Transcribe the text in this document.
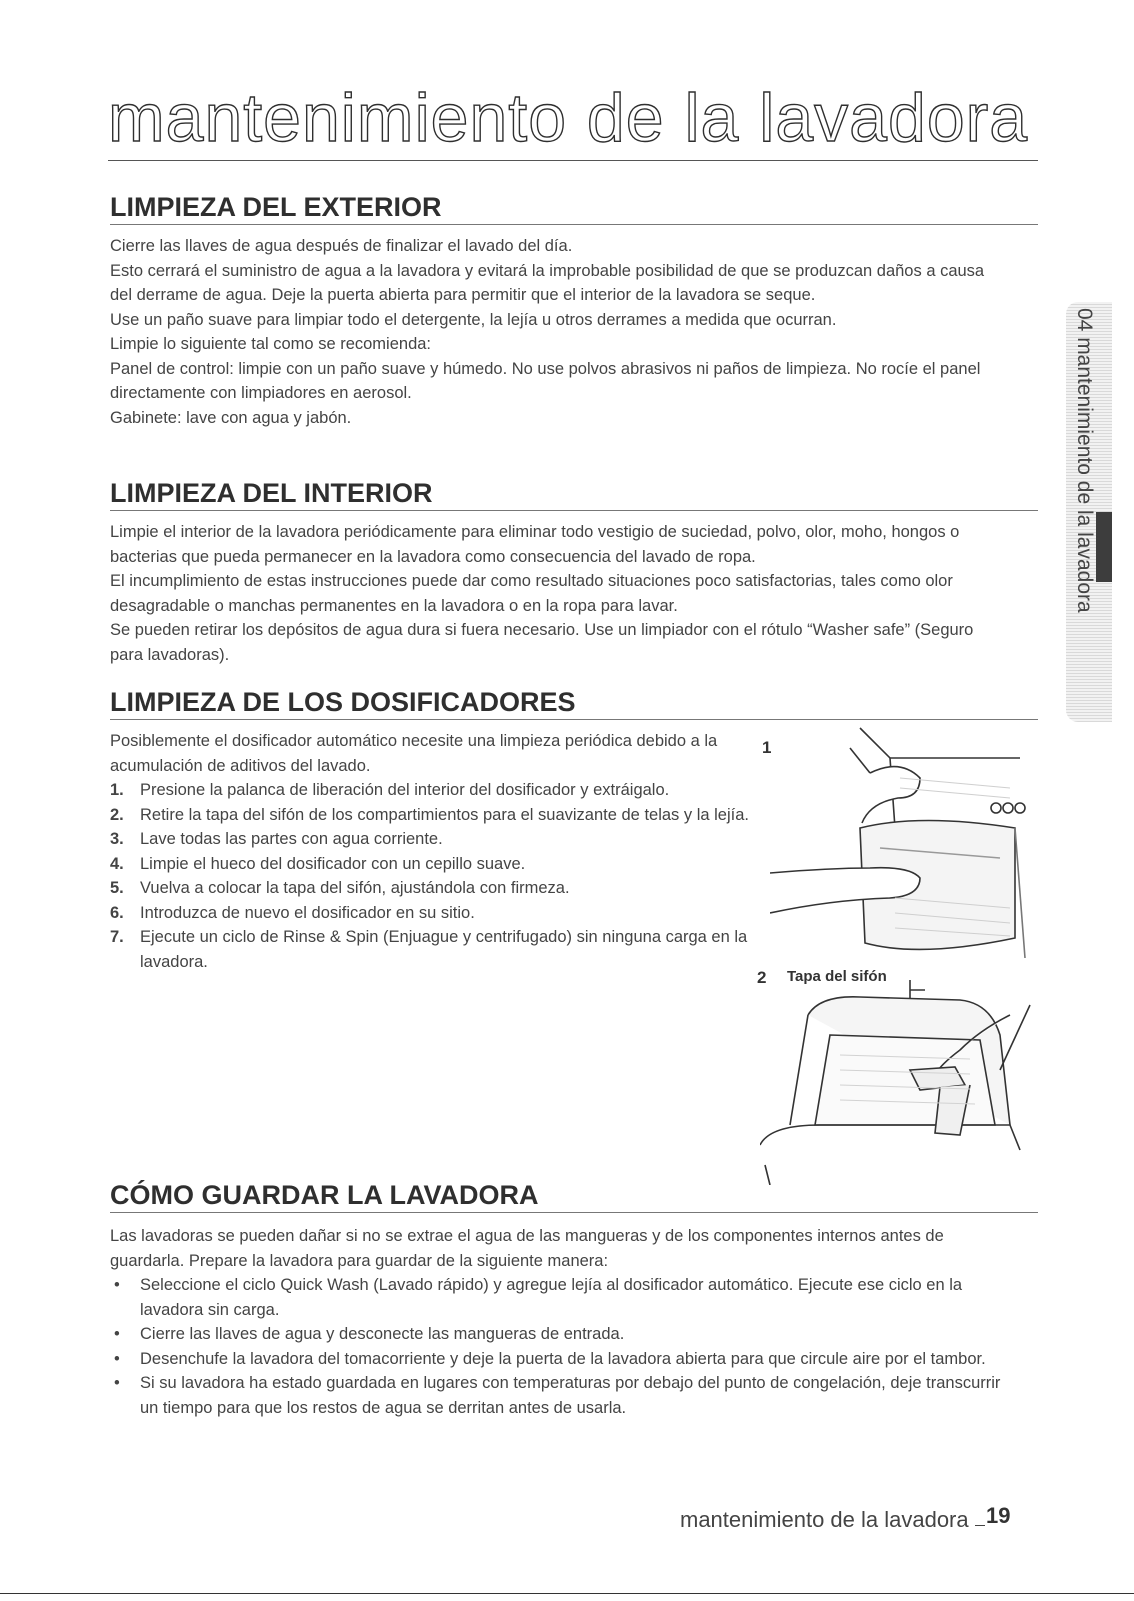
mantenimiento de la lavadora
04 mantenimiento de la lavadora
LIMPIEZA DEL EXTERIOR

Cierre las llaves de agua después de finalizar el lavado del día.

Esto cerrará el suministro de agua a la lavadora y evitará la improbable posibilidad de que se produzcan daños a causa del derrame de agua. Deje la puerta abierta para permitir que el interior de la lavadora se seque.

Use un paño suave para limpiar todo el detergente, la lejía u otros derrames a medida que ocurran.

Limpie lo siguiente tal como se recomienda:

Panel de control: limpie con un paño suave y húmedo. No use polvos abrasivos ni paños de limpieza. No rocíe el panel directamente con limpiadores en aerosol.

Gabinete: lave con agua y jabón.

LIMPIEZA DEL INTERIOR

Limpie el interior de la lavadora periódicamente para eliminar todo vestigio de suciedad, polvo, olor, moho, hongos o bacterias que pueda permanecer en la lavadora como consecuencia del lavado de ropa.

El incumplimiento de estas instrucciones puede dar como resultado situaciones poco satisfactorias, tales como olor desagradable o manchas permanentes en la lavadora o en la ropa para lavar.

Se pueden retirar los depósitos de agua dura si fuera necesario. Use un limpiador con el rótulo “Washer safe” (Seguro para lavadoras).

LIMPIEZA DE LOS DOSIFICADORES
Posiblemente el dosificador automático necesite una limpieza periódica debido a la acumulación de aditivos del lavado.
1. Presione la palanca de liberación del interior del dosificador y extráigalo.
2. Retire la tapa del sifón de los compartimientos para el suavizante de telas y la lejía.
3. Lave todas las partes con agua corriente.
4. Limpie el hueco del dosificador con un cepillo suave.
5. Vuelva a colocar la tapa del sifón, ajustándola con firmeza.
6. Introduzca de nuevo el dosificador en su sitio.
7. Ejecute un ciclo de Rinse & Spin (Enjuague y centrifugado) sin ninguna carga en la lavadora.
1
2 Tapa del sifón
CÓMO GUARDAR LA LAVADORA
Las lavadoras se pueden dañar si no se extrae el agua de las mangueras y de los componentes internos antes de guardarla. Prepare la lavadora para guardar de la siguiente manera:
• Seleccione el ciclo Quick Wash (Lavado rápido) y agregue lejía al dosificador automático. Ejecute ese ciclo en la lavadora sin carga.
• Cierre las llaves de agua y desconecte las mangueras de entrada.
• Desenchufe la lavadora del tomacorriente y deje la puerta de la lavadora abierta para que circule aire por el tambor.
• Si su lavadora ha estado guardada en lugares con temperaturas por debajo del punto de congelación, deje transcurrir un tiempo para que los restos de agua se derritan antes de usarla.
mantenimiento de la lavadora 19
